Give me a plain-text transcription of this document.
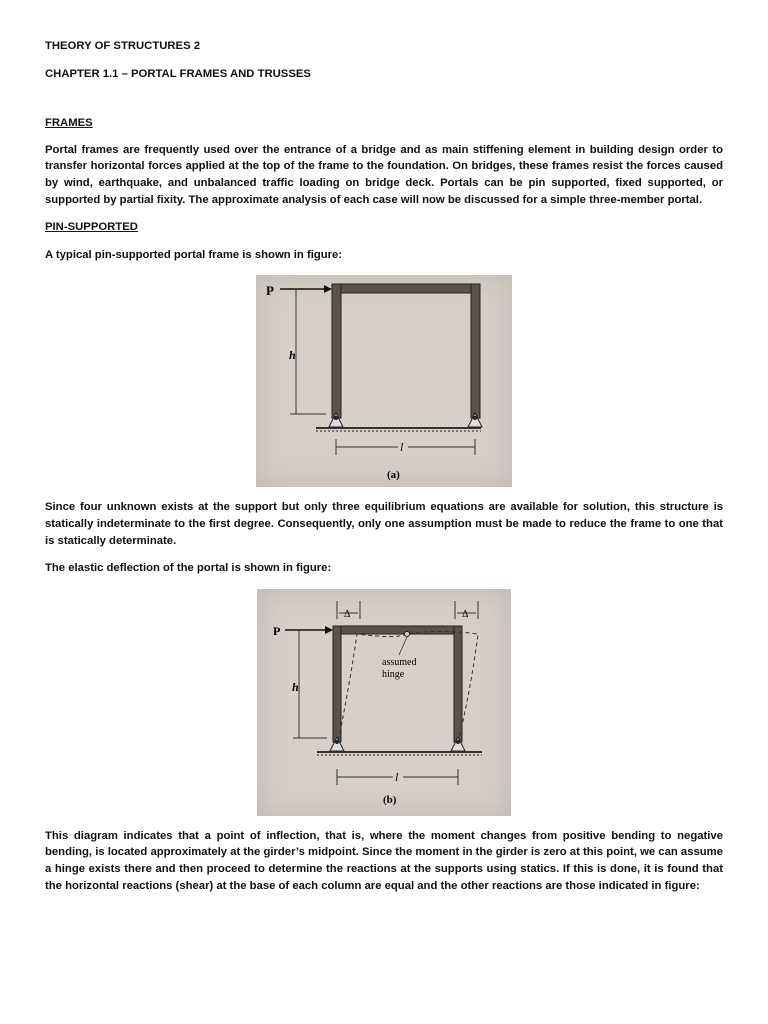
THEORY OF STRUCTURES 2
CHAPTER 1.1 – PORTAL FRAMES AND TRUSSES
FRAMES

Portal frames are frequently used over the entrance of a bridge and as main stiffening element in building design order to transfer horizontal forces applied at the top of the frame to the foundation. On bridges, these frames resist the forces caused by wind, earthquake, and unbalanced traffic loading on bridge deck. Portals can be pin supported, fixed supported, or supported by partial fixity. The approximate analysis of each case will now be discussed for a simple three-member portal.

PIN-SUPPORTED
A typical pin-supported portal frame is shown in figure:
P
h
l
(a)

Since four unknown exists at the support but only three equilibrium equations are available for solution, this structure is statically indeterminate to the first degree. Consequently, only one assumption must be made to reduce the frame to one that is statically determinate.

The elastic deflection of the portal is shown in figure:
Δ	Δ
assumed
hinge
P
h
l
(b)

This diagram indicates that a point of inflection, that is, where the moment changes from positive bending to negative bending, is located approximately at the girder’s midpoint. Since the moment in the girder is zero at this point, we can assume a hinge exists there and then proceed to determine the reactions at the supports using statics. If this is done, it is found that the horizontal reactions (shear) at the base of each column are equal and the other reactions are those indicated in figure:
